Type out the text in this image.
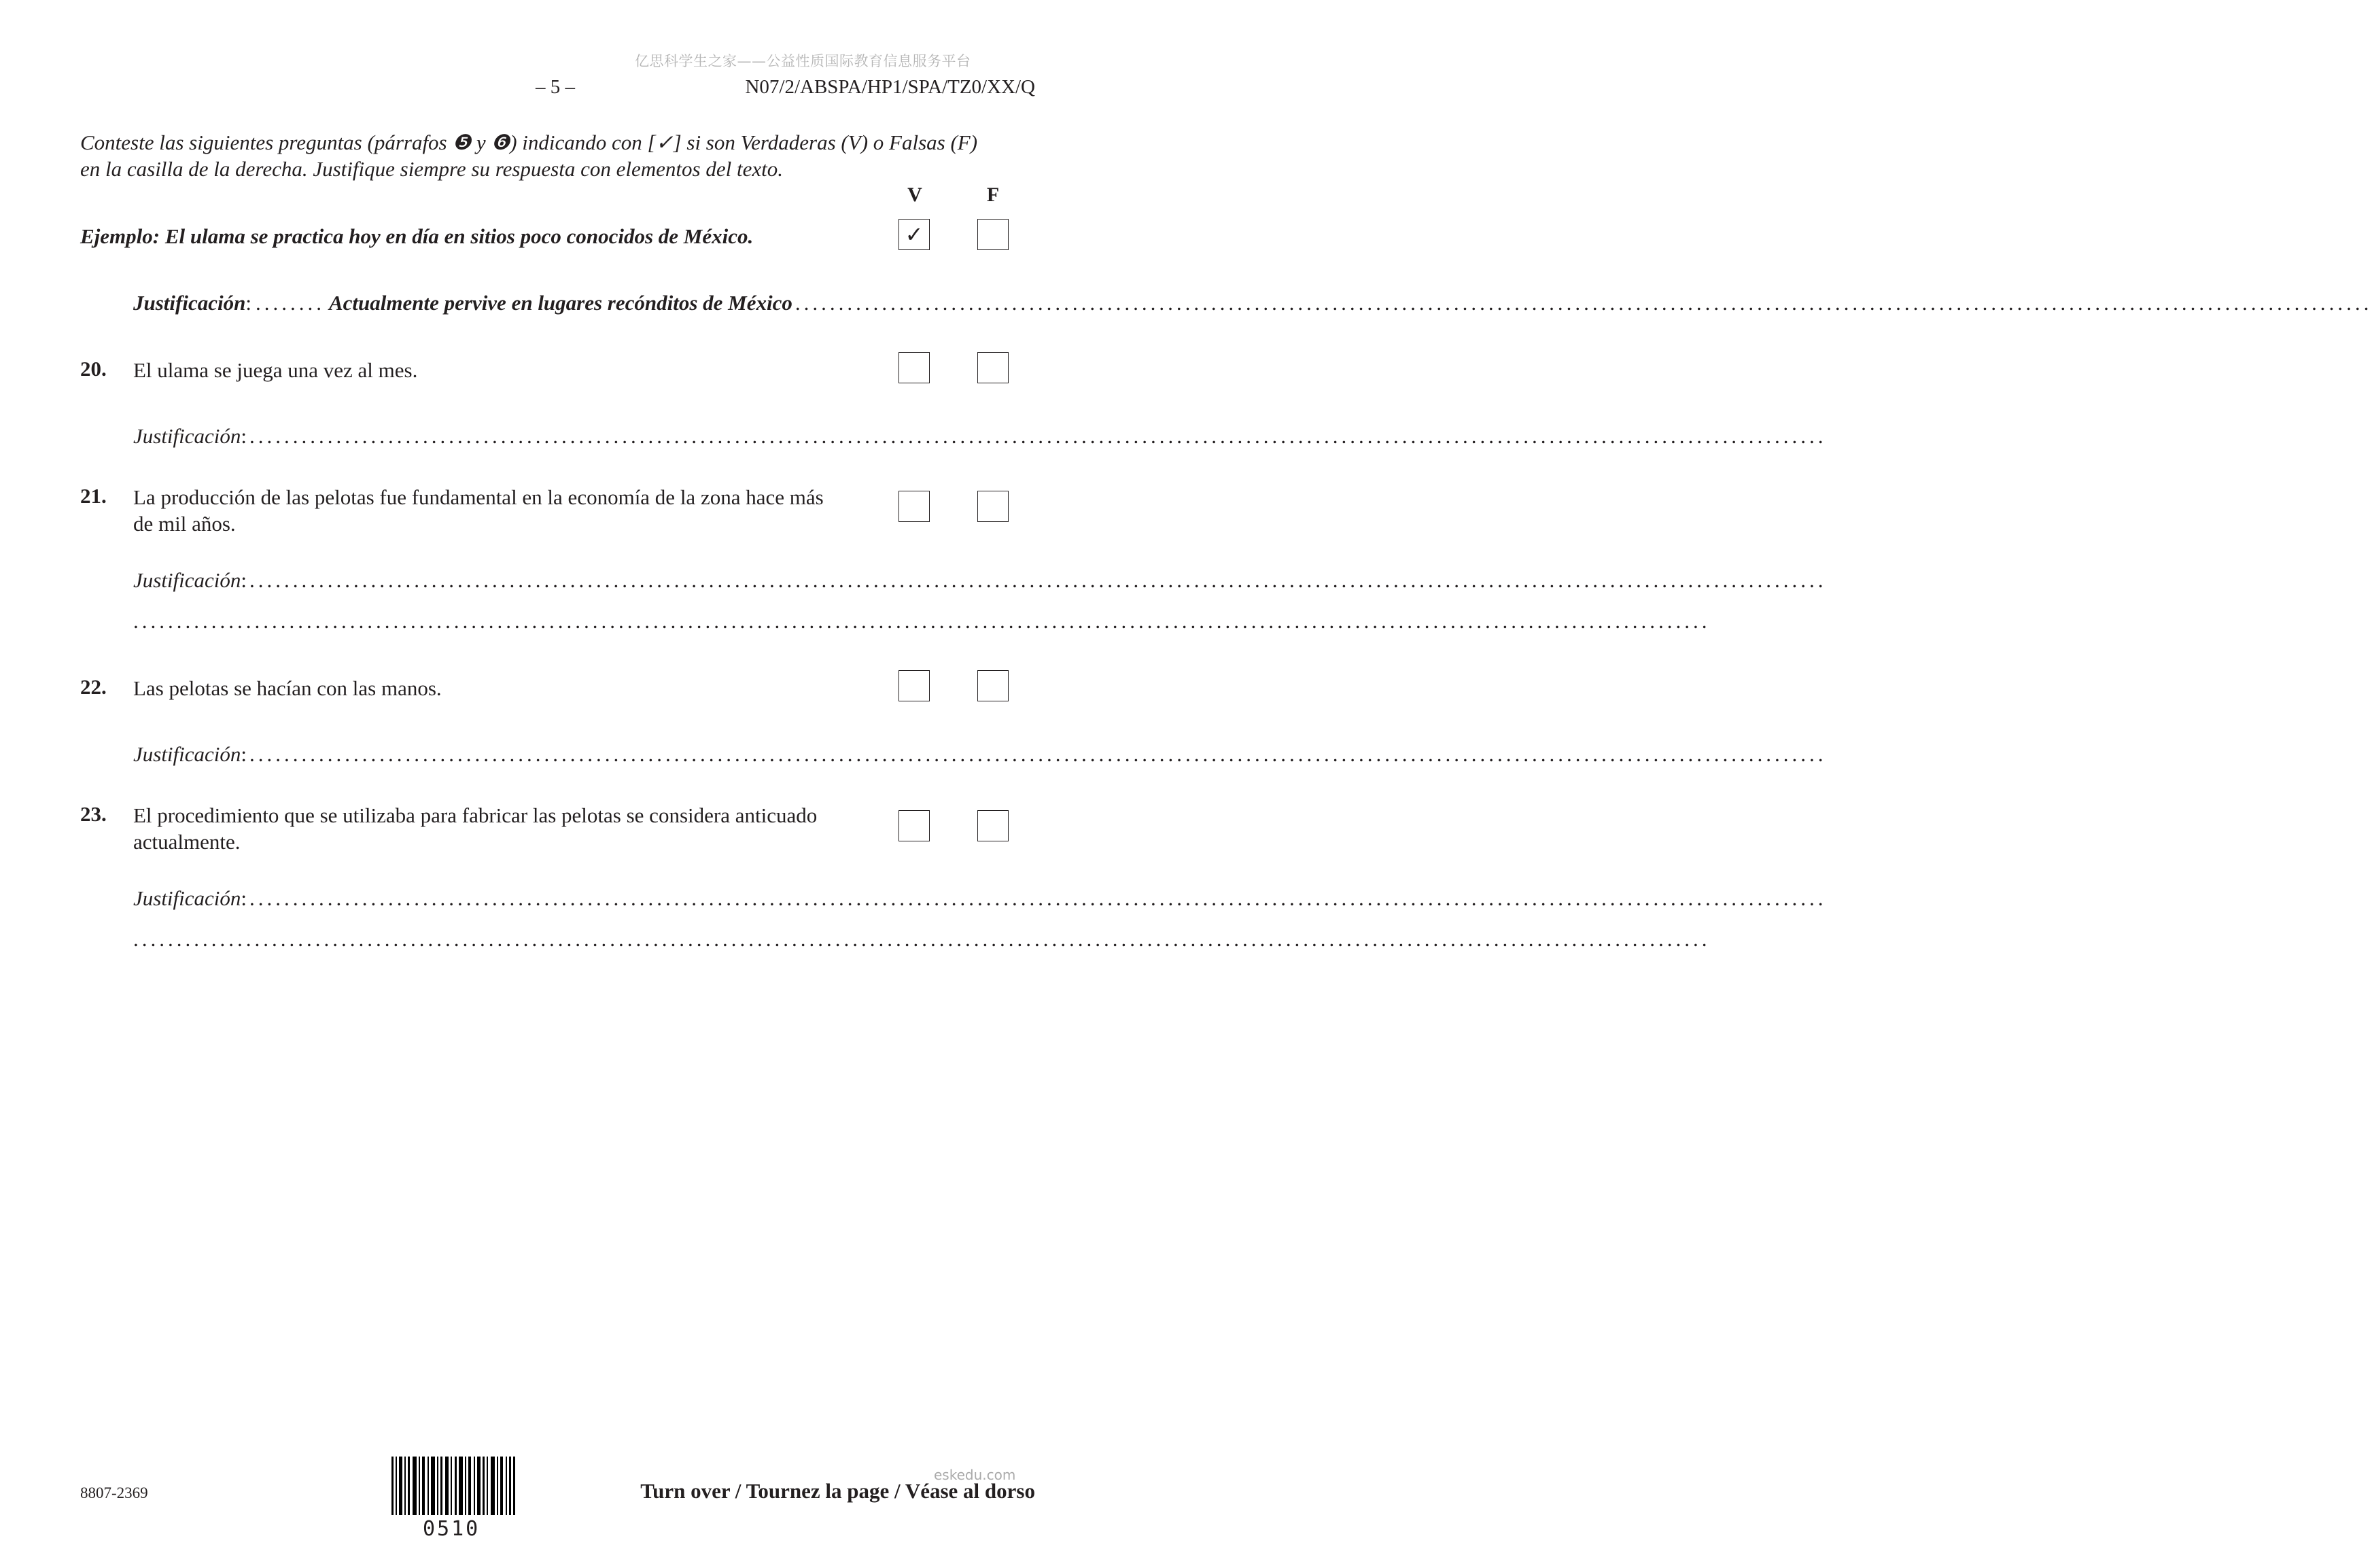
亿思科学生之家——公益性质国际教育信息服务平台
– 5 –	N07/2/ABSPA/HP1/SPA/TZ0/XX/Q
Conteste las siguientes preguntas (párrafos ❺ y ❻) indicando con [✓] si son Verdaderas (V) o Falsas (F)
en la casilla de la derecha. Justifique siempre su respuesta con elementos del texto.
V	F
Ejemplo: El ulama se practica hoy en día en sitios poco conocidos de México.	✓
Justificación : ........ Actualmente pervive en lugares recónditos de México
.....
20. El ulama se juega una vez al mes.
Justificación :
.....
21. La producción de las pelotas fue fundamental en la economía de la zona hace más
de mil años.
Justificación :
.....
......................................................................................................................................................................................
22. Las pelotas se hacían con las manos.
Justificación :
.....
23. El procedimiento que se utilizaba para fabricar las pelotas se considera anticuado
actualmente.
Justificación :
.....
......................................................................................................................................................................................
8807-2369
0510
eskedu.com
Turn over / Tournez la page / Véase al dorso
